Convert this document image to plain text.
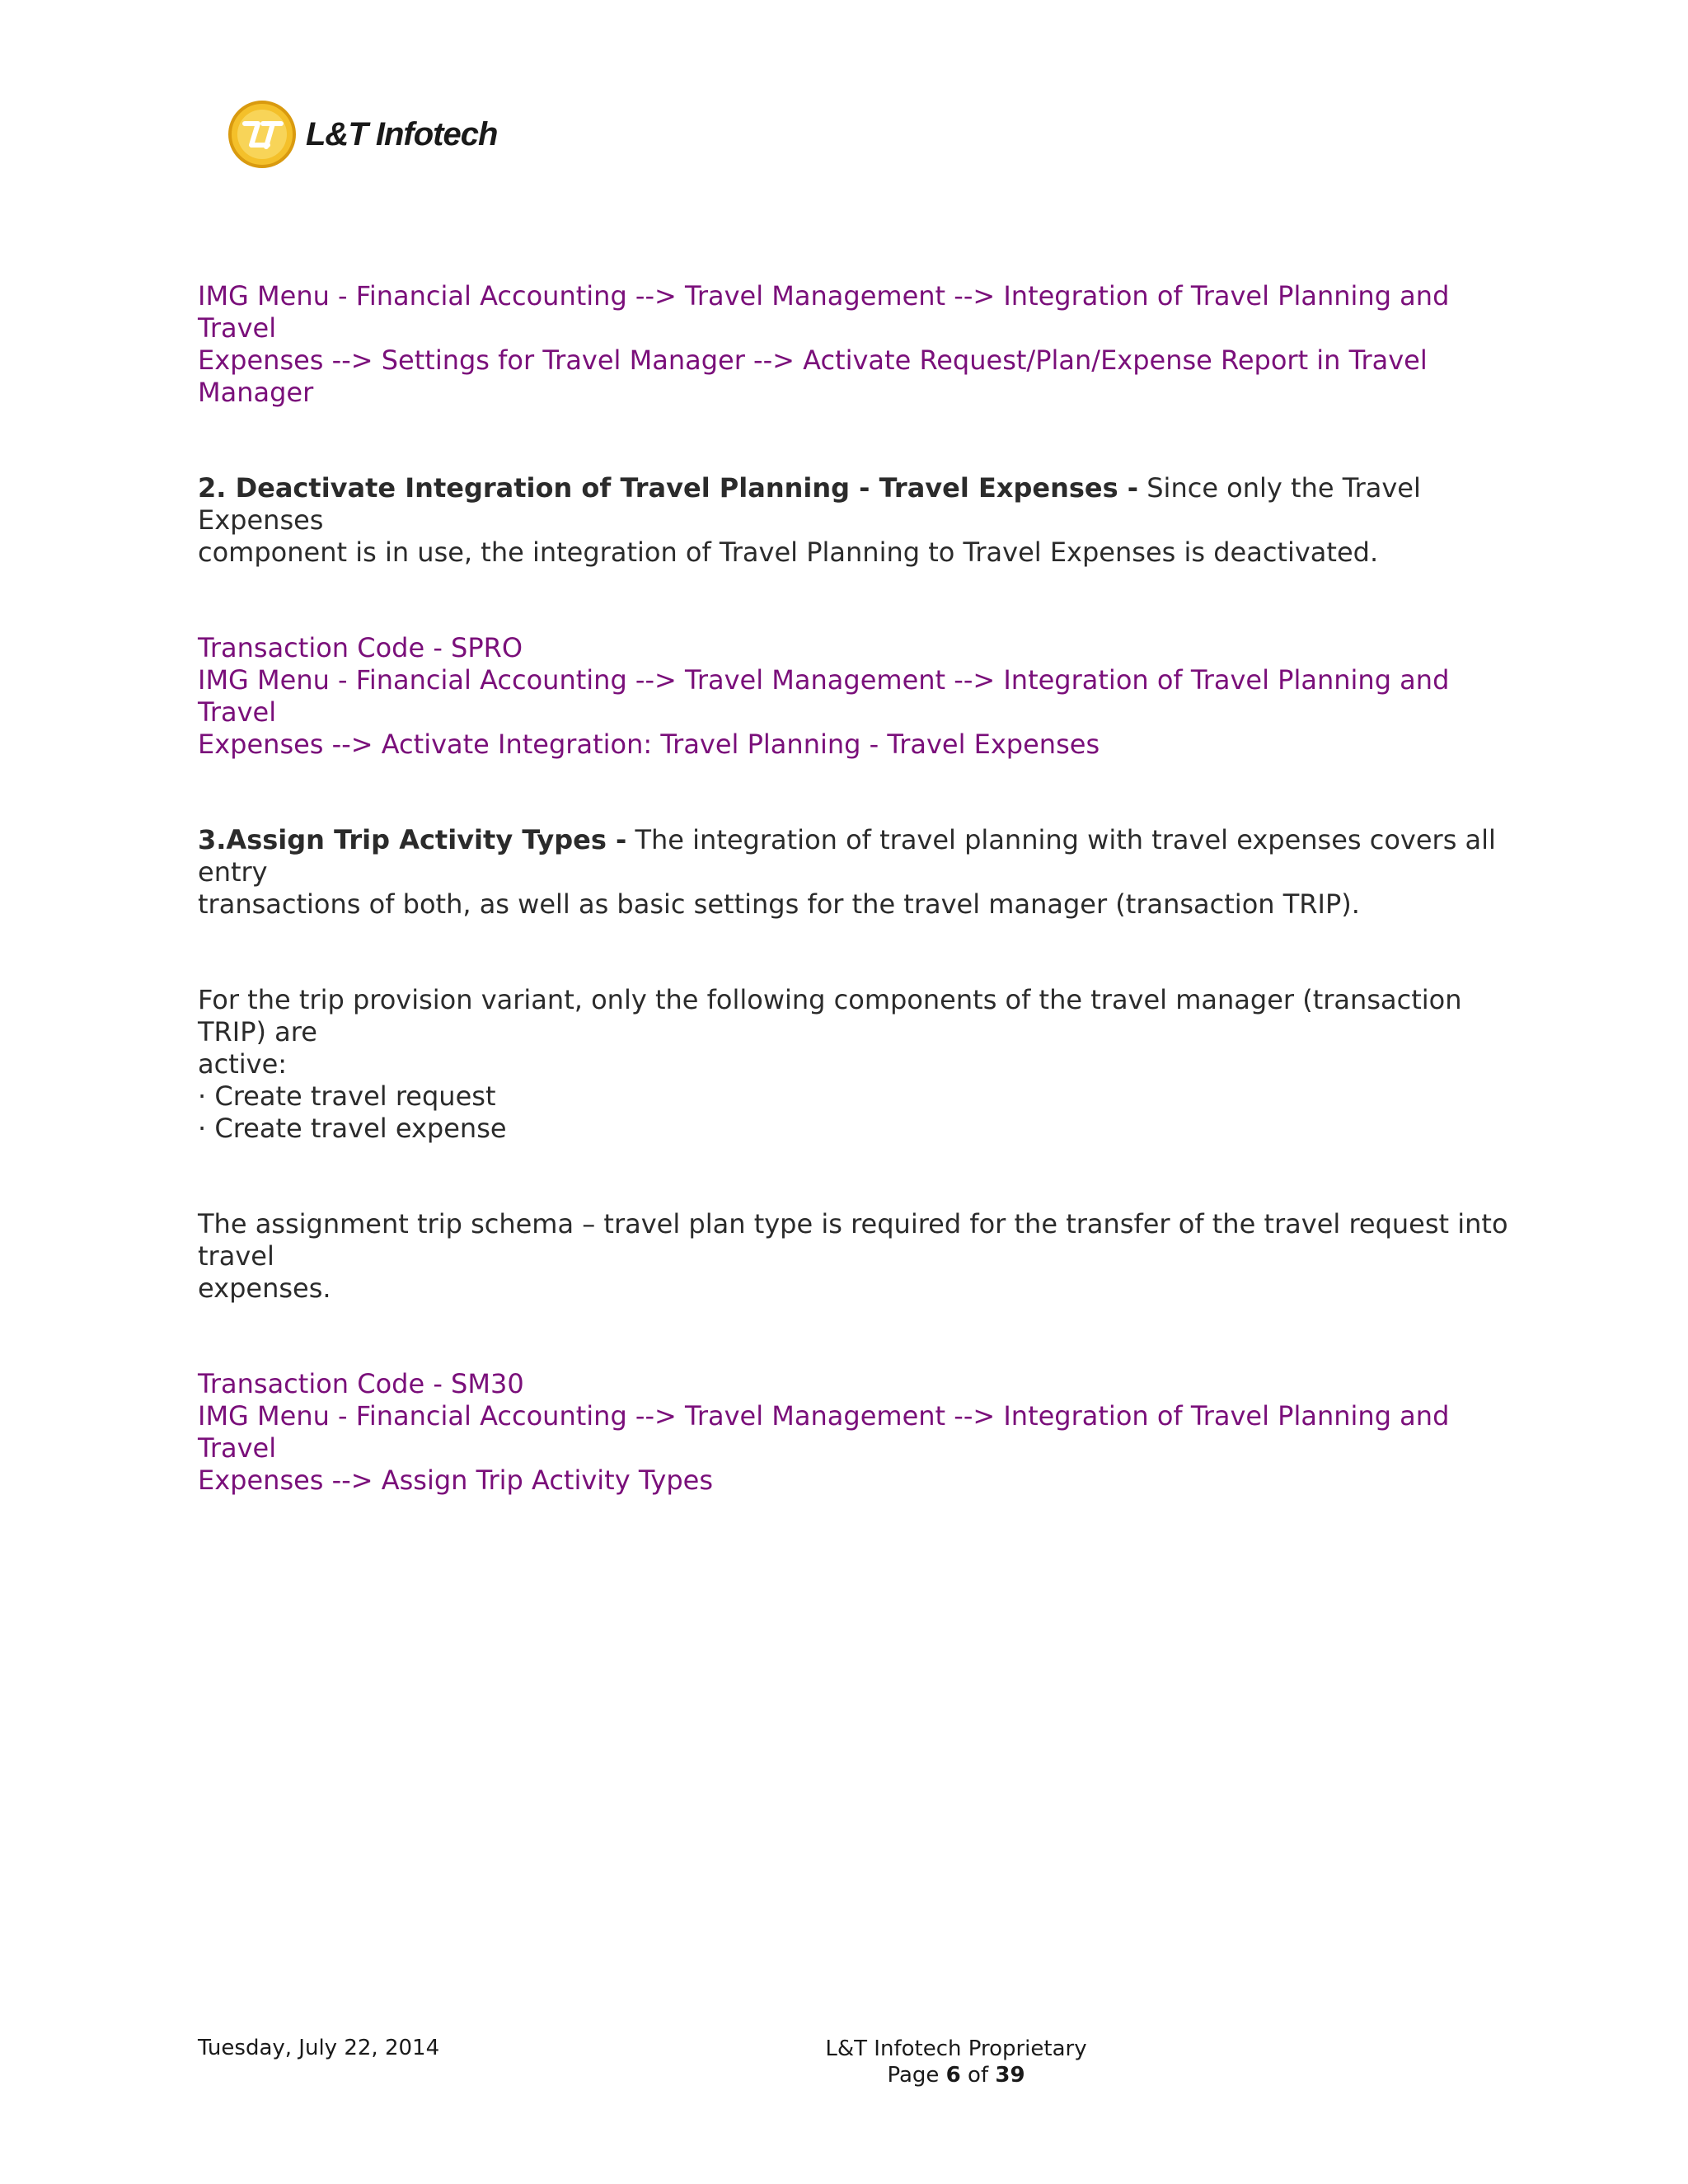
L&T Infotech

IMG Menu - Financial Accounting --> Travel Management --> Integration of Travel Planning and Travel
Expenses --> Settings for Travel Manager --> Activate Request/Plan/Expense Report in Travel Manager

2. Deactivate Integration of Travel Planning - Travel Expenses - Since only the Travel Expenses
component is in use, the integration of Travel Planning to Travel Expenses is deactivated.

Transaction Code - SPRO
IMG Menu - Financial Accounting --> Travel Management --> Integration of Travel Planning and Travel
Expenses --> Activate Integration: Travel Planning - Travel Expenses

3.Assign Trip Activity Types - The integration of travel planning with travel expenses covers all entry
transactions of both, as well as basic settings for the travel manager (transaction TRIP).

For the trip provision variant, only the following components of the travel manager (transaction TRIP) are
active:
· Create travel request
· Create travel expense

The assignment trip schema – travel plan type is required for the transfer of the travel request into travel
expenses.

Transaction Code - SM30
IMG Menu - Financial Accounting --> Travel Management --> Integration of Travel Planning and Travel
Expenses --> Assign Trip Activity Types

Tuesday, July 22, 2014	L&T Infotech Proprietary
Page 6 of 39
